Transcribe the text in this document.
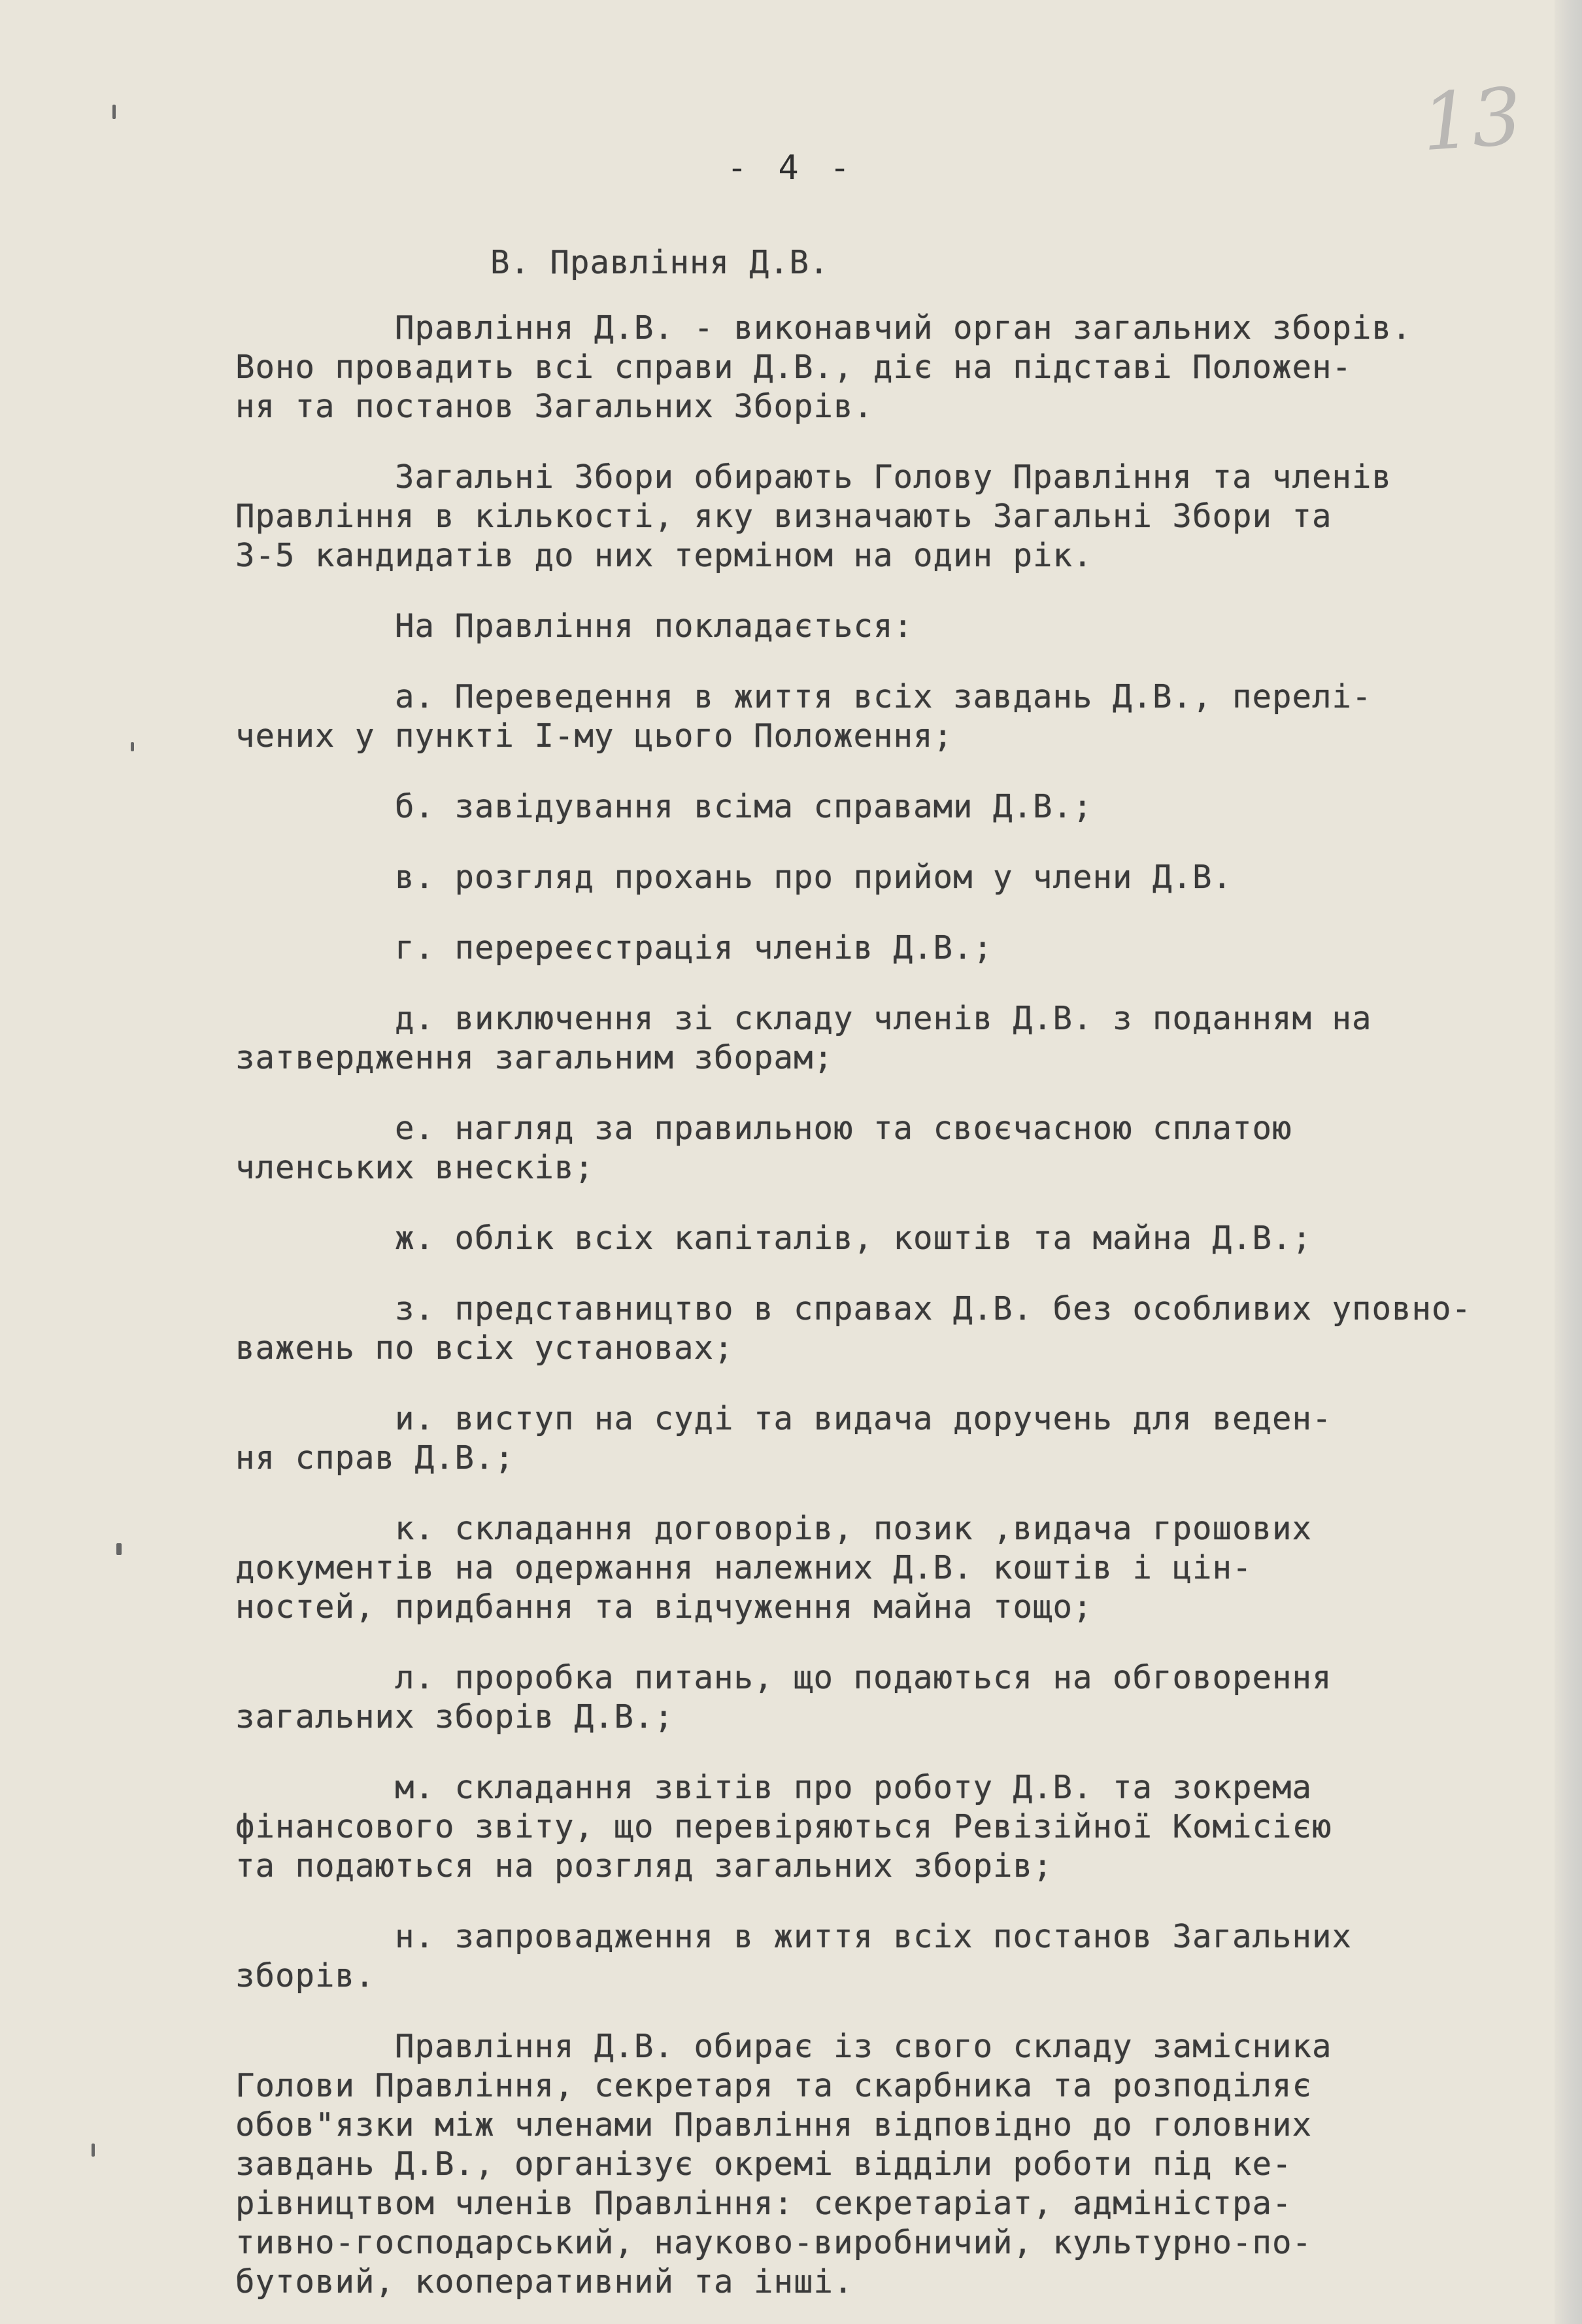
13
- 4 -
В. Правління Д.В.
Правління Д.В. - виконавчий орган загальних зборів.
Воно провадить всі справи Д.В., діє на підставі Положен-
ня та постанов Загальних Зборів.
Загальні Збори обирають Голову Правління та членів
Правління в кількості, яку визначають Загальні Збори та
3-5 кандидатів до них терміном на один рік.
На Правління покладається:
а. Переведення в життя всіх завдань Д.В., перелі-
чених у пункті I-му цього Положення;
б. завідування всіма справами Д.В.;
в. розгляд прохань про прийом у члени Д.В.
г. перереєстрація членів Д.В.;
д. виключення зі складу членів Д.В. з поданням на
затвердження загальним зборам;
е. нагляд за правильною та своєчасною сплатою
членських внесків;
ж. облік всіх капіталів, коштів та майна Д.В.;
з. представництво в справах Д.В. без особливих уповно-
важень по всіх установах;
и. виступ на суді та видача доручень для веден-
ня справ Д.В.;
к. складання договорів, позик ,видача грошових
документів на одержання належних Д.В. коштів і цін-
ностей, придбання та відчуження майна тощо;
л. проробка питань, що подаються на обговорення
загальних зборів Д.В.;
м. складання звітів про роботу Д.В. та зокрема
фінансового звіту, що перевіряються Ревізійної Комісією
та подаються на розгляд загальних зборів;
н. запровадження в життя всіх постанов Загальних
зборів.
Правління Д.В. обирає із свого складу заміcника
Голови Правління, секретаря та скарбника та розподіляє
обов"язки між членами Правління відповідно до головних
завдань Д.В., організує окремі відділи роботи під ке-
рівництвом членів Правління: секретаріат, адміністра-
тивно-господарський, науково-виробничий, культурно-по-
бутовий, кооперативний та інші.
